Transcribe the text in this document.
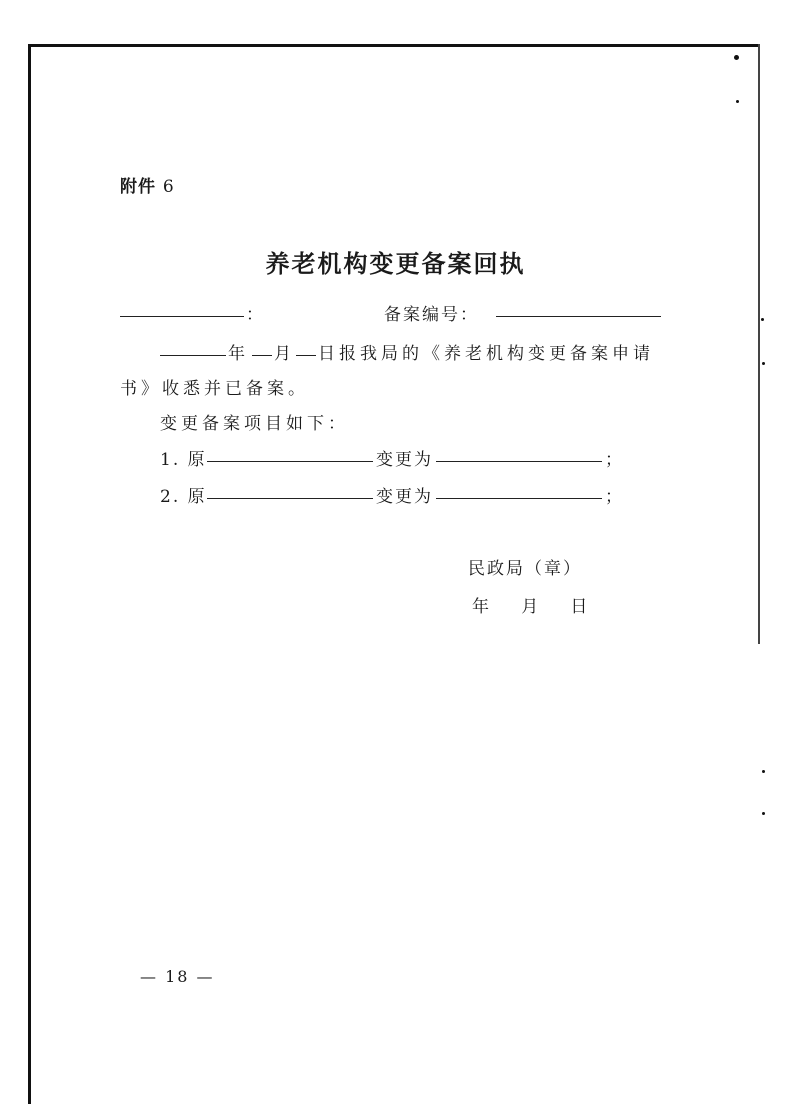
附件 6
养老机构变更备案回执
：	备案编号：
年 月 日报我局的《养老机构变更备案申请
书》收悉并已备案。
变更备案项目如下：
1. 原	变更为	；
2. 原	变更为	；
民政局（章）
年   月   日
— 18 —
